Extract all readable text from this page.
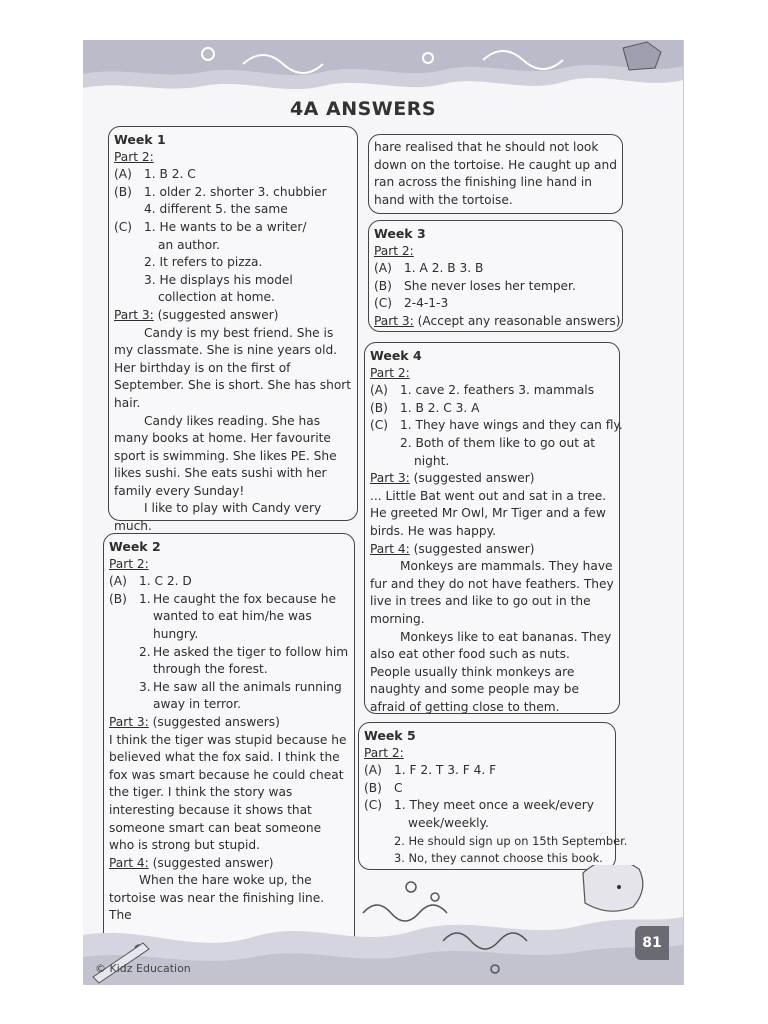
4A ANSWERS
Week 1
Part 2:
(A) 1. B 2. C
(B) 1. older 2. shorter 3. chubbier
4. different 5. the same
(C) 1. He wants to be a writer/
an author.
2. It refers to pizza.
3. He displays his model
collection at home.
Part 3: (suggested answer)
Candy is my best friend. She is my classmate. She is nine years old. Her birthday is on the first of September. She is short. She has short hair.
Candy likes reading. She has many books at home. Her favourite sport is swimming. She likes PE. She likes sushi. She eats sushi with her family every Sunday!
I like to play with Candy very much.
Week 2
Part 2:
(A) 1. C 2. D
(B) 1. He caught the fox because he wanted to eat him/he was hungry.
2. He asked the tiger to follow him through the forest.
3. He saw all the animals running away in terror.
Part 3: (suggested answers)
I think the tiger was stupid because he believed what the fox said. I think the fox was smart because he could cheat the tiger. I think the story was interesting because it shows that someone smart can beat someone who is strong but stupid.
Part 4: (suggested answer)
When the hare woke up, the tortoise was near the finishing line. The
hare realised that he should not look down on the tortoise. He caught up and ran across the finishing line hand in hand with the tortoise.
Week 3
Part 2:
(A) 1. A 2. B 3. B
(B) She never loses her temper.
(C) 2-4-1-3
Part 3: (Accept any reasonable answers)
Week 4
Part 2:
(A) 1. cave 2. feathers 3. mammals
(B) 1. B 2. C 3. A
(C) 1. They have wings and they can fly.
2. Both of them like to go out at
night.
Part 3: (suggested answer)
... Little Bat went out and sat in a tree. He greeted Mr Owl, Mr Tiger and a few birds. He was happy.
Part 4: (suggested answer)
Monkeys are mammals. They have fur and they do not have feathers. They live in trees and like to go out in the morning.
Monkeys like to eat bananas. They also eat other food such as nuts. People usually think monkeys are naughty and some people may be afraid of getting close to them.
Week 5
Part 2:
(A) 1. F 2. T 3. F 4. F
(B) C
(C) 1. They meet once a week/every
week/weekly.
2. He should sign up on 15th September.
3. No, they cannot choose this book.
81
© Kidz Education
